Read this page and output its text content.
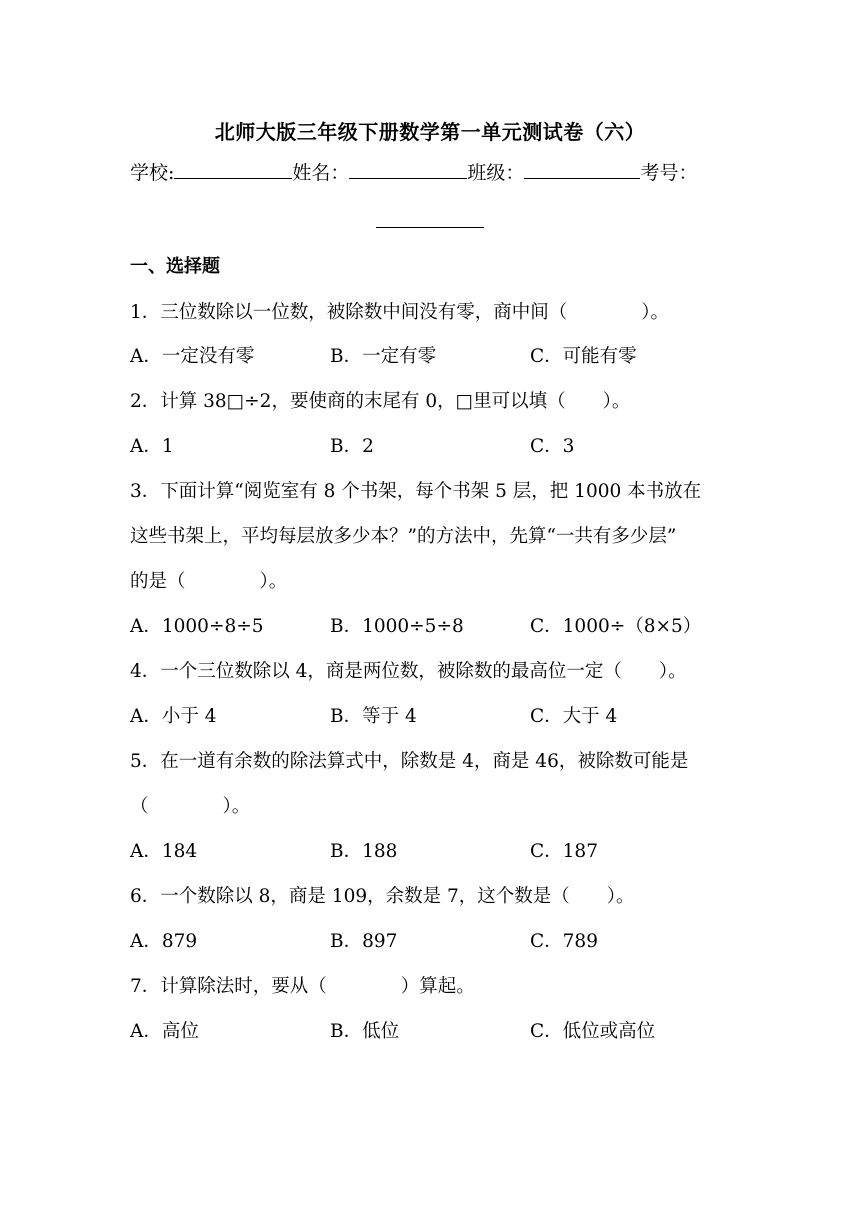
北师大版三年级下册数学第一单元测试卷（六）
学校:	姓名：	班级：	考号：
一、选择题
1．三位数除以一位数，被除数中间没有零，商中间（　　　　）。
A．一定没有零	B．一定有零	C．可能有零
2．计算 38□÷2，要使商的末尾有 0，□里可以填（　　）。
A．1	B．2	C．3
3．下面计算“阅览室有 8 个书架，每个书架 5 层，把 1000 本书放在
这些书架上，平均每层放多少本？”的方法中，先算“一共有多少层”
的是（　　　　）。
A．1000÷8÷5	B．1000÷5÷8	C．1000÷（8×5）
4．一个三位数除以 4，商是两位数，被除数的最高位一定（　　）。
A．小于 4	B．等于 4	C．大于 4
5．在一道有余数的除法算式中，除数是 4，商是 46，被除数可能是
（　　　　）。
A．184	B．188	C．187
6．一个数除以 8，商是 109，余数是 7，这个数是（　　）。
A．879	B．897	C．789
7．计算除法时，要从（　　　　）算起。
A．高位	B．低位	C．低位或高位
